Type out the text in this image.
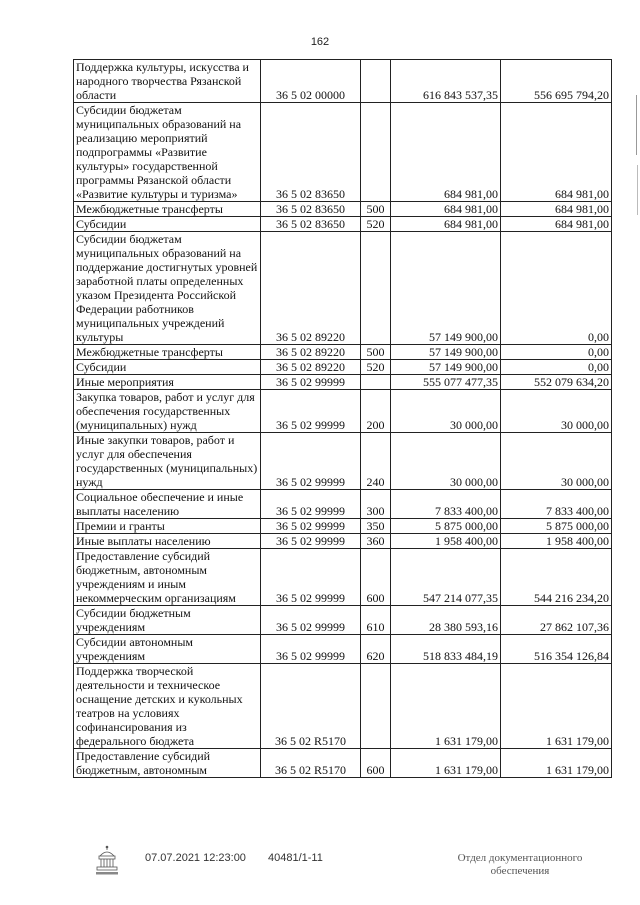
162
Поддержка культуры, искусства и народного творчества Рязанской области	36 5 02 00000		616 843 537,35	556 695 794,20
Субсидии бюджетам муниципальных образований на реализацию мероприятий подпрограммы «Развитие культуры» государственной программы Рязанской области «Развитие культуры и туризма»	36 5 02 83650		684 981,00	684 981,00
Межбюджетные трансферты	36 5 02 83650	500	684 981,00	684 981,00
Субсидии	36 5 02 83650	520	684 981,00	684 981,00
Субсидии бюджетам муниципальных образований на поддержание достигнутых уровней заработной платы определенных указом Президента Российской Федерации работников муниципальных учреждений культуры	36 5 02 89220		57 149 900,00	0,00
Межбюджетные трансферты	36 5 02 89220	500	57 149 900,00	0,00
Субсидии	36 5 02 89220	520	57 149 900,00	0,00
Иные мероприятия	36 5 02 99999		555 077 477,35	552 079 634,20
Закупка товаров, работ и услуг для обеспечения государственных (муниципальных) нужд	36 5 02 99999	200	30 000,00	30 000,00
Иные закупки товаров, работ и услуг для обеспечения государственных (муниципальных) нужд	36 5 02 99999	240	30 000,00	30 000,00
Социальное обеспечение и иные выплаты населению	36 5 02 99999	300	7 833 400,00	7 833 400,00
Премии и гранты	36 5 02 99999	350	5 875 000,00	5 875 000,00
Иные выплаты населению	36 5 02 99999	360	1 958 400,00	1 958 400,00
Предоставление субсидий бюджетным, автономным учреждениям и иным некоммерческим организациям	36 5 02 99999	600	547 214 077,35	544 216 234,20
Субсидии бюджетным учреждениям	36 5 02 99999	610	28 380 593,16	27 862 107,36
Субсидии автономным учреждениям	36 5 02 99999	620	518 833 484,19	516 354 126,84
Поддержка творческой деятельности и техническое оснащение детских и кукольных театров на условиях софинансирования из федерального бюджета	36 5 02 R5170		1 631 179,00	1 631 179,00
Предоставление субсидий бюджетным, автономным	36 5 02 R5170	600	1 631 179,00	1 631 179,00
07.07.2021 12:23:00 40481/1-11	Отдел документационного
обеспечения
